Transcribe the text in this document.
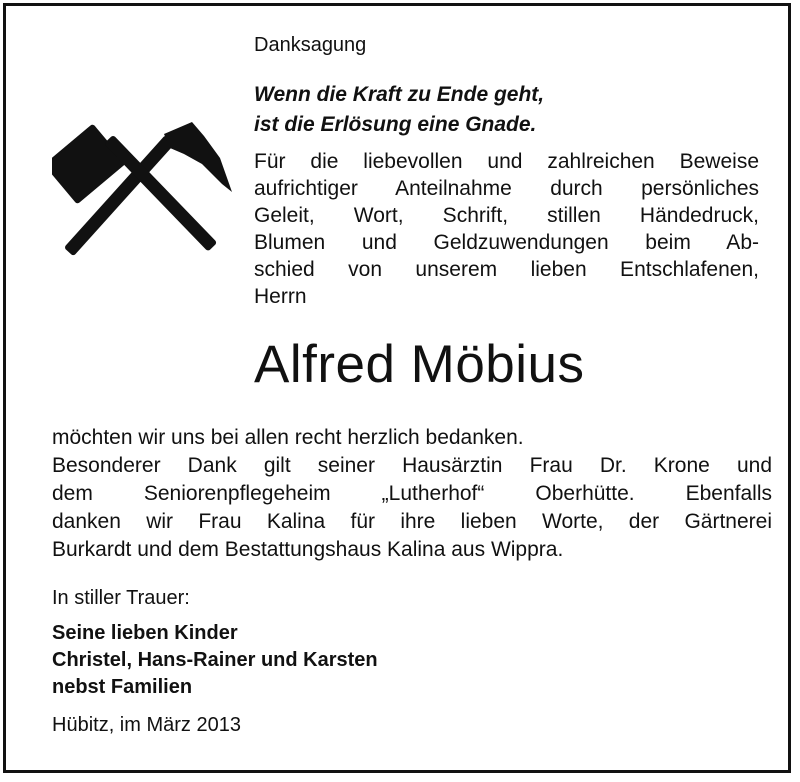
Danksagung
Wenn die Kraft zu Ende geht,
ist die Erlösung eine Gnade.
Für die liebevollen und zahlreichen Beweise
aufrichtiger Anteilnahme durch persönliches
Geleit, Wort, Schrift, stillen Händedruck,
Blumen und Geldzuwendungen beim Ab-
schied von unserem lieben Entschlafenen,
Herrn
Alfred Möbius
möchten wir uns bei allen recht herzlich bedanken.
Besonderer Dank gilt seiner Hausärztin Frau Dr. Krone und
dem Seniorenpflegeheim „Lutherhof“ Oberhütte. Ebenfalls
danken wir Frau Kalina für ihre lieben Worte, der Gärtnerei
Burkardt und dem Bestattungshaus Kalina aus Wippra.
In stiller Trauer:
Seine lieben Kinder
Christel, Hans-Rainer und Karsten
nebst Familien
Hübitz, im März 2013
